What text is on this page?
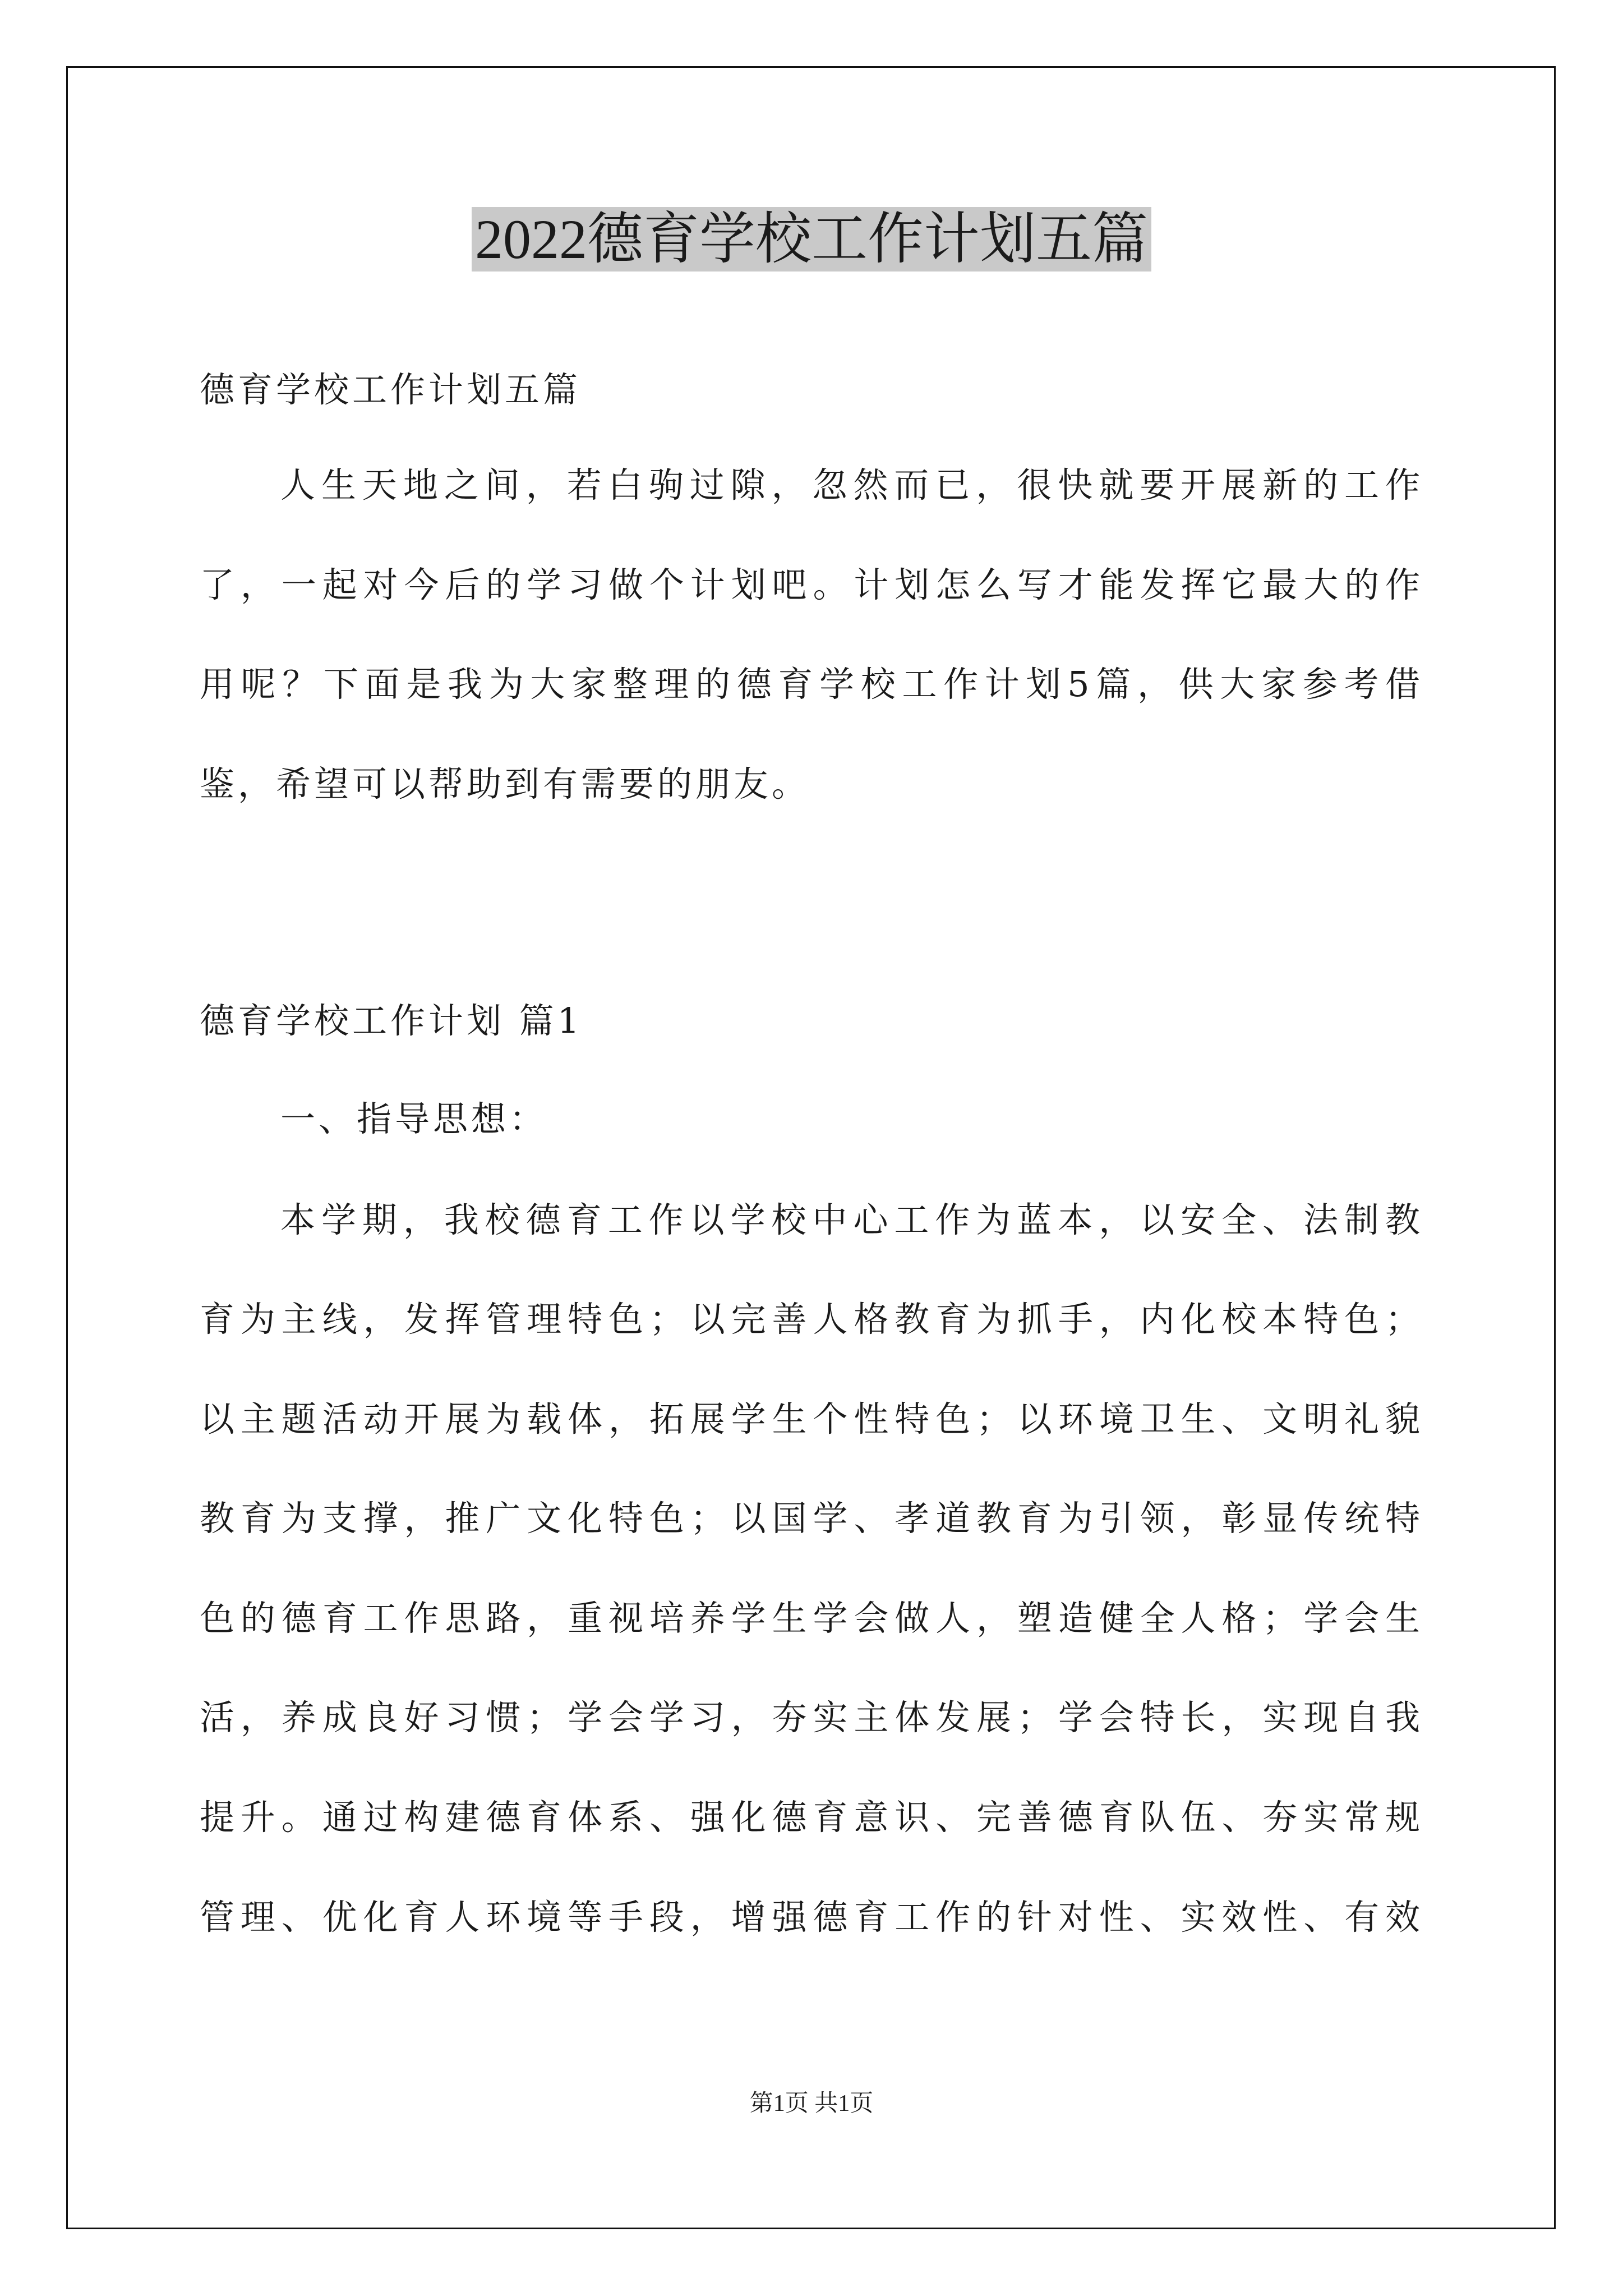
2022德育学校工作计划五篇
德育学校工作计划五篇
人生天地之间，若白驹过隙，忽然而已，很快就要开展新的工作
了，一起对今后的学习做个计划吧。计划怎么写才能发挥它最大的作
用呢？下面是我为大家整理的德育学校工作计划5篇，供大家参考借
鉴，希望可以帮助到有需要的朋友。
德育学校工作计划 篇1
一、指导思想：
本学期，我校德育工作以学校中心工作为蓝本，以安全、法制教
育为主线，发挥管理特色；以完善人格教育为抓手，内化校本特色；
以主题活动开展为载体，拓展学生个性特色；以环境卫生、文明礼貌
教育为支撑，推广文化特色；以国学、孝道教育为引领，彰显传统特
色的德育工作思路，重视培养学生学会做人，塑造健全人格；学会生
活，养成良好习惯；学会学习，夯实主体发展；学会特长，实现自我
提升。通过构建德育体系、强化德育意识、完善德育队伍、夯实常规
管理、优化育人环境等手段，增强德育工作的针对性、实效性、有效
第1页 共1页
